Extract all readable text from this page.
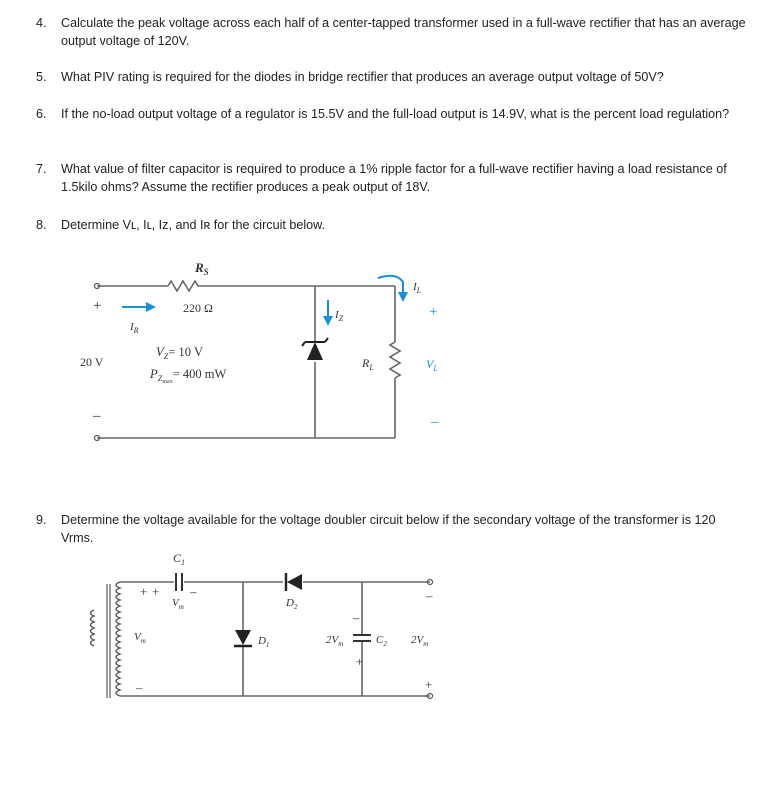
4. Calculate the peak voltage across each half of a center-tapped transformer used in a full-wave rectifier that has an average output voltage of 120V.
5. What PIV rating is required for the diodes in bridge rectifier that produces an average output voltage of 50V?
6. If the no-load output voltage of a regulator is 15.5V and the full-load output is 14.9V, what is the percent load regulation?
7. What value of filter capacitor is required to produce a 1% ripple factor for a full-wave rectifier having a load resistance of 1.5kilo ohms? Assume the rectifier produces a peak output of 18V.
8. Determine Vʟ, Iʟ, Iᴢ, and Iʀ for the circuit below.
9. Determine the voltage available for the voltage doubler circuit below if the secondary voltage of the transformer is 120 Vrms.
+
–
20 V
$R_S$
220 Ω
$I_R$
$V_Z= 10$ V
$P_Z\max= 400$ mW
$I_Z$
$R_L$
$I_L$
+
$V_L$
–
$C_1$
+ + –
$V_m$
$V_m$
–
$D_1$
$D_2$
$C_2$
$2V_m$
–
+
–
$2V_m$
+
